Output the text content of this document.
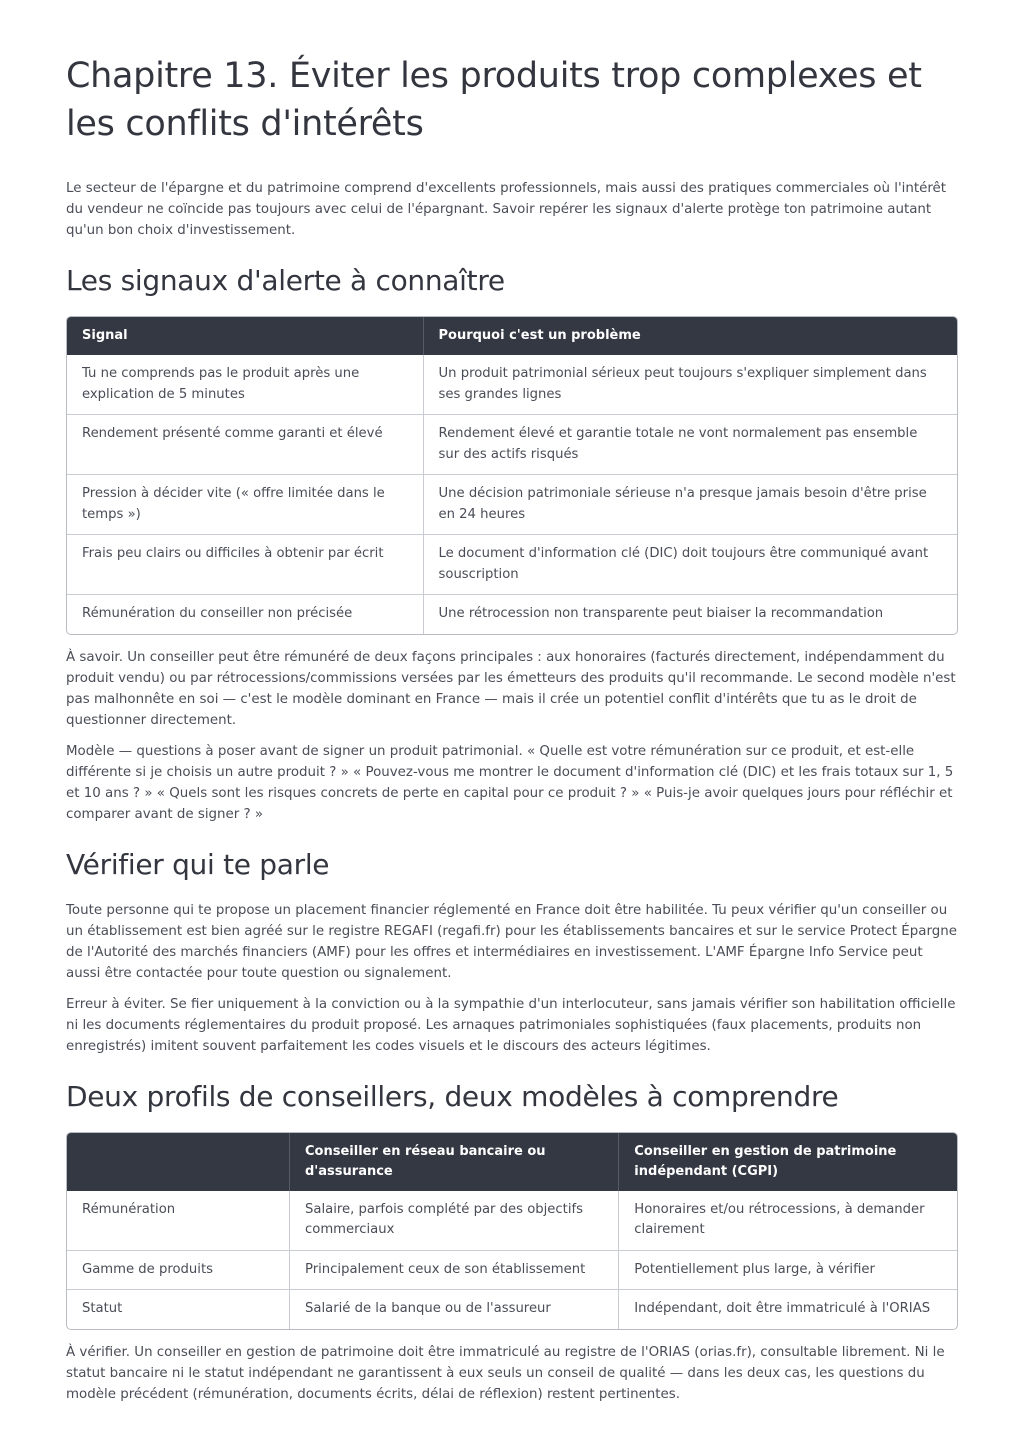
Chapitre 13. Éviter les produits trop complexes et les conflits d'intérêts

Le secteur de l'épargne et du patrimoine comprend d'excellents professionnels, mais aussi des pratiques commerciales où l'intérêt du vendeur ne coïncide pas toujours avec celui de l'épargnant. Savoir repérer les signaux d'alerte protège ton patrimoine autant qu'un bon choix d'investissement.

Les signaux d'alerte à connaître
Signal	Pourquoi c'est un problème
Tu ne comprends pas le produit après une explication de 5 minutes	Un produit patrimonial sérieux peut toujours s'expliquer simplement dans ses grandes lignes
Rendement présenté comme garanti et élevé	Rendement élevé et garantie totale ne vont normalement pas ensemble sur des actifs risqués
Pression à décider vite (« offre limitée dans le temps »)	Une décision patrimoniale sérieuse n'a presque jamais besoin d'être prise en 24 heures
Frais peu clairs ou difficiles à obtenir par écrit	Le document d'information clé (DIC) doit toujours être communiqué avant souscription
Rémunération du conseiller non précisée	Une rétrocession non transparente peut biaiser la recommandation

À savoir. Un conseiller peut être rémunéré de deux façons principales : aux honoraires (facturés directement, indépendamment du produit vendu) ou par rétrocessions/commissions versées par les émetteurs des produits qu'il recommande. Le second modèle n'est pas malhonnête en soi — c'est le modèle dominant en France — mais il crée un potentiel conflit d'intérêts que tu as le droit de questionner directement.

Modèle — questions à poser avant de signer un produit patrimonial. « Quelle est votre rémunération sur ce produit, et est-elle différente si je choisis un autre produit ? » « Pouvez-vous me montrer le document d'information clé (DIC) et les frais totaux sur 1, 5 et 10 ans ? » « Quels sont les risques concrets de perte en capital pour ce produit ? » « Puis-je avoir quelques jours pour réfléchir et comparer avant de signer ? »

Vérifier qui te parle

Toute personne qui te propose un placement financier réglementé en France doit être habilitée. Tu peux vérifier qu'un conseiller ou un établissement est bien agréé sur le registre REGAFI (regafi.fr) pour les établissements bancaires et sur le service Protect Épargne de l'Autorité des marchés financiers (AMF) pour les offres et intermédiaires en investissement. L'AMF Épargne Info Service peut aussi être contactée pour toute question ou signalement.

Erreur à éviter. Se fier uniquement à la conviction ou à la sympathie d'un interlocuteur, sans jamais vérifier son habilitation officielle ni les documents réglementaires du produit proposé. Les arnaques patrimoniales sophistiquées (faux placements, produits non enregistrés) imitent souvent parfaitement les codes visuels et le discours des acteurs légitimes.

Deux profils de conseillers, deux modèles à comprendre
	Conseiller en réseau bancaire ou d'assurance	Conseiller en gestion de patrimoine indépendant (CGPI)
Rémunération	Salaire, parfois complété par des objectifs commerciaux	Honoraires et/ou rétrocessions, à demander clairement
Gamme de produits	Principalement ceux de son établissement	Potentiellement plus large, à vérifier
Statut	Salarié de la banque ou de l'assureur	Indépendant, doit être immatriculé à l'ORIAS

À vérifier. Un conseiller en gestion de patrimoine doit être immatriculé au registre de l'ORIAS (orias.fr), consultable librement. Ni le statut bancaire ni le statut indépendant ne garantissent à eux seuls un conseil de qualité — dans les deux cas, les questions du modèle précédent (rémunération, documents écrits, délai de réflexion) restent pertinentes.
